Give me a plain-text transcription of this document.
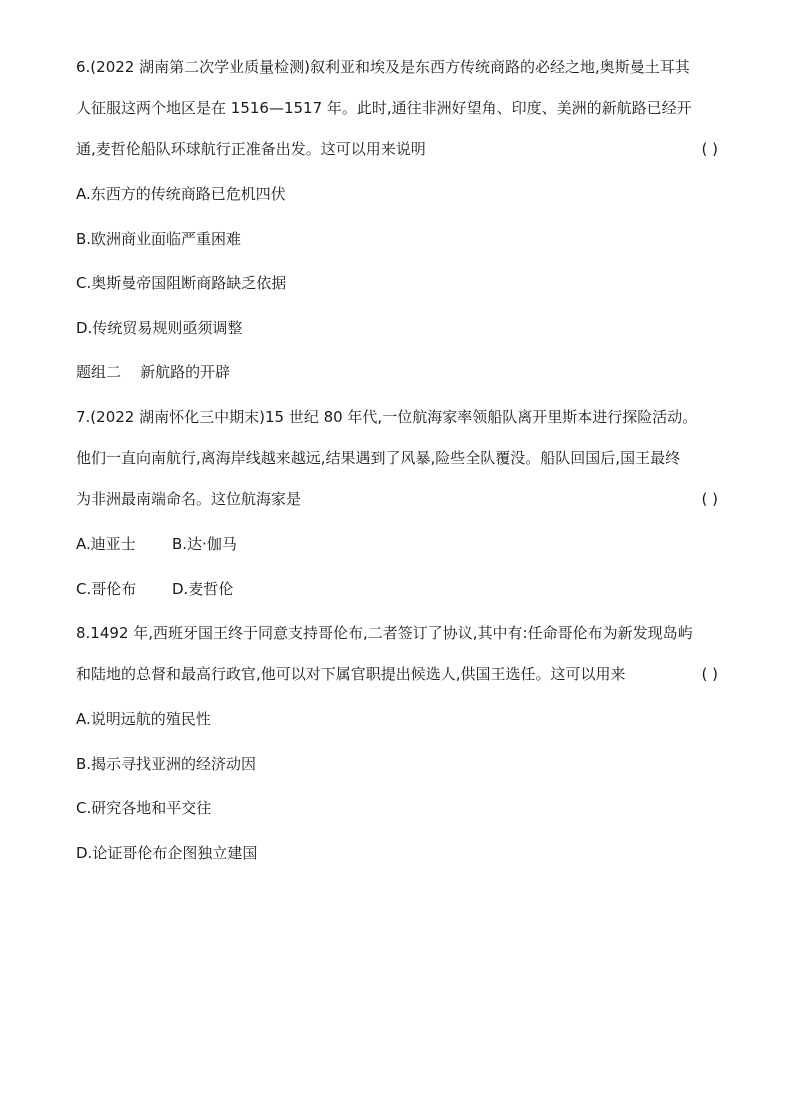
6.(2022 湖南第二次学业质量检测)叙利亚和埃及是东西方传统商路的必经之地,奥斯曼土耳其
人征服这两个地区是在 1516—1517 年。此时,通往非洲好望角、印度、美洲的新航路已经开
通,麦哲伦船队环球航行正准备出发。这可以用来说明	( )
A.东西方的传统商路已危机四伏
B.欧洲商业面临严重困难
C.奥斯曼帝国阻断商路缺乏依据
D.传统贸易规则亟须调整
题组二    新航路的开辟
7.(2022 湖南怀化三中期末)15 世纪 80 年代,一位航海家率领船队离开里斯本进行探险活动。
他们一直向南航行,离海岸线越来越远,结果遇到了风暴,险些全队覆没。船队回国后,国王最终
为非洲最南端命名。这位航海家是	( )
A.迪亚士 B.达·伽马
C.哥伦布 D.麦哲伦
8.1492 年,西班牙国王终于同意支持哥伦布,二者签订了协议,其中有:任命哥伦布为新发现岛屿
和陆地的总督和最高行政官,他可以对下属官职提出候选人,供国王选任。这可以用来	( )
A.说明远航的殖民性
B.揭示寻找亚洲的经济动因
C.研究各地和平交往
D.论证哥伦布企图独立建国
